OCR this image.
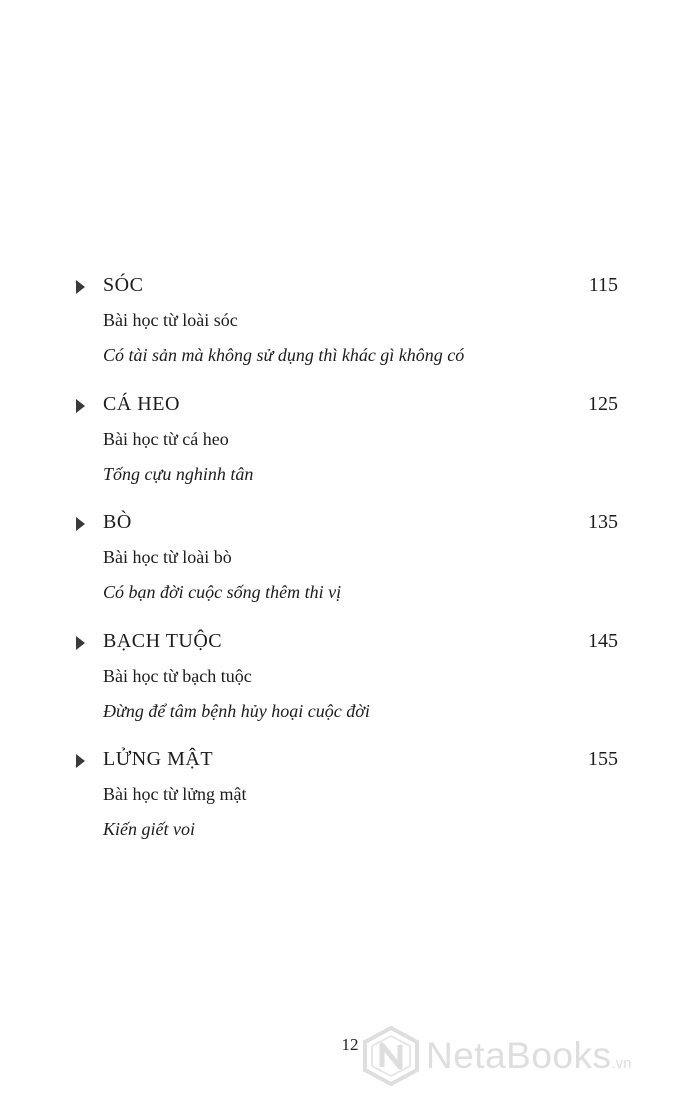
SÓC	115
Bài học từ loài sóc
Có tài sản mà không sử dụng thì khác gì không có
CÁ HEO	125
Bài học từ cá heo
Tống cựu nghinh tân
BÒ	135
Bài học từ loài bò
Có bạn đời cuộc sống thêm thi vị
BẠCH TUỘC	145
Bài học từ bạch tuộc
Đừng để tâm bệnh hủy hoại cuộc đời
LỬNG MẬT	155
Bài học từ lửng mật
Kiến giết voi
12	NetaBooks.vn
